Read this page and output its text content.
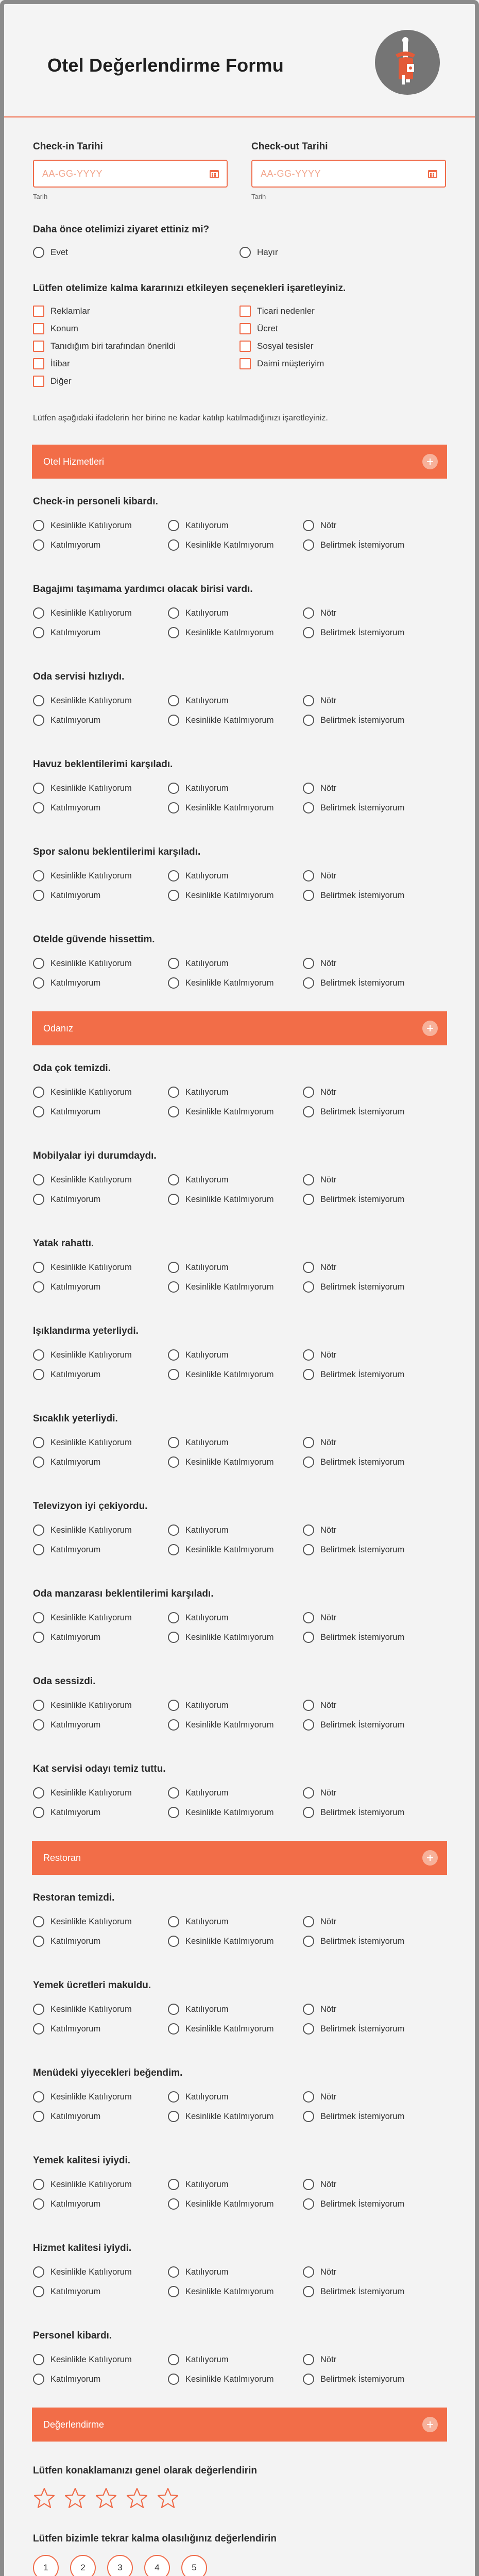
Otel Değerlendirme Formu
Check-in Tarihi
AA-GG-YYYY
Tarih
Check-out Tarihi
AA-GG-YYYY
Tarih
Daha önce otelimizi ziyaret ettiniz mi?
Evet	Hayır
Lütfen otelimize kalma kararınızı etkileyen seçenekleri işaretleyiniz.
Reklamlar	Ticari nedenler
Konum	Ücret
Tanıdığım biri tarafından önerildi	Sosyal tesisler
İtibar	Daimi müşteriyim
Diğer
Lütfen aşağıdaki ifadelerin her birine ne kadar katılıp katılmadığınızı işaretleyiniz.
Otel Hizmetleri
Check-in personeli kibardı.
Kesinlikle Katılıyorum	Katılıyorum	Nötr
Katılmıyorum	Kesinlikle Katılmıyorum	Belirtmek İstemiyorum
Bagajımı taşımama yardımcı olacak birisi vardı.
Kesinlikle Katılıyorum	Katılıyorum	Nötr
Katılmıyorum	Kesinlikle Katılmıyorum	Belirtmek İstemiyorum
Oda servisi hızlıydı.
Kesinlikle Katılıyorum	Katılıyorum	Nötr
Katılmıyorum	Kesinlikle Katılmıyorum	Belirtmek İstemiyorum
Havuz beklentilerimi karşıladı.
Kesinlikle Katılıyorum	Katılıyorum	Nötr
Katılmıyorum	Kesinlikle Katılmıyorum	Belirtmek İstemiyorum
Spor salonu beklentilerimi karşıladı.
Kesinlikle Katılıyorum	Katılıyorum	Nötr
Katılmıyorum	Kesinlikle Katılmıyorum	Belirtmek İstemiyorum
Otelde güvende hissettim.
Kesinlikle Katılıyorum	Katılıyorum	Nötr
Katılmıyorum	Kesinlikle Katılmıyorum	Belirtmek İstemiyorum
Odanız
Oda çok temizdi.
Kesinlikle Katılıyorum	Katılıyorum	Nötr
Katılmıyorum	Kesinlikle Katılmıyorum	Belirtmek İstemiyorum
Mobilyalar iyi durumdaydı.
Kesinlikle Katılıyorum	Katılıyorum	Nötr
Katılmıyorum	Kesinlikle Katılmıyorum	Belirtmek İstemiyorum
Yatak rahattı.
Kesinlikle Katılıyorum	Katılıyorum	Nötr
Katılmıyorum	Kesinlikle Katılmıyorum	Belirtmek İstemiyorum
Işıklandırma yeterliydi.
Kesinlikle Katılıyorum	Katılıyorum	Nötr
Katılmıyorum	Kesinlikle Katılmıyorum	Belirtmek İstemiyorum
Sıcaklık yeterliydi.
Kesinlikle Katılıyorum	Katılıyorum	Nötr
Katılmıyorum	Kesinlikle Katılmıyorum	Belirtmek İstemiyorum
Televizyon iyi çekiyordu.
Kesinlikle Katılıyorum	Katılıyorum	Nötr
Katılmıyorum	Kesinlikle Katılmıyorum	Belirtmek İstemiyorum
Oda manzarası beklentilerimi karşıladı.
Kesinlikle Katılıyorum	Katılıyorum	Nötr
Katılmıyorum	Kesinlikle Katılmıyorum	Belirtmek İstemiyorum
Oda sessizdi.
Kesinlikle Katılıyorum	Katılıyorum	Nötr
Katılmıyorum	Kesinlikle Katılmıyorum	Belirtmek İstemiyorum
Kat servisi odayı temiz tuttu.
Kesinlikle Katılıyorum	Katılıyorum	Nötr
Katılmıyorum	Kesinlikle Katılmıyorum	Belirtmek İstemiyorum
Restoran
Restoran temizdi.
Kesinlikle Katılıyorum	Katılıyorum	Nötr
Katılmıyorum	Kesinlikle Katılmıyorum	Belirtmek İstemiyorum
Yemek ücretleri makuldu.
Kesinlikle Katılıyorum	Katılıyorum	Nötr
Katılmıyorum	Kesinlikle Katılmıyorum	Belirtmek İstemiyorum
Menüdeki yiyecekleri beğendim.
Kesinlikle Katılıyorum	Katılıyorum	Nötr
Katılmıyorum	Kesinlikle Katılmıyorum	Belirtmek İstemiyorum
Yemek kalitesi iyiydi.
Kesinlikle Katılıyorum	Katılıyorum	Nötr
Katılmıyorum	Kesinlikle Katılmıyorum	Belirtmek İstemiyorum
Hizmet kalitesi iyiydi.
Kesinlikle Katılıyorum	Katılıyorum	Nötr
Katılmıyorum	Kesinlikle Katılmıyorum	Belirtmek İstemiyorum
Personel kibardı.
Kesinlikle Katılıyorum	Katılıyorum	Nötr
Katılmıyorum	Kesinlikle Katılmıyorum	Belirtmek İstemiyorum
Değerlendirme
Lütfen konaklamanızı genel olarak değerlendirin
Lütfen bizimle tekrar kalma olasılığınız değerlendirin
1	2	3	4	5
